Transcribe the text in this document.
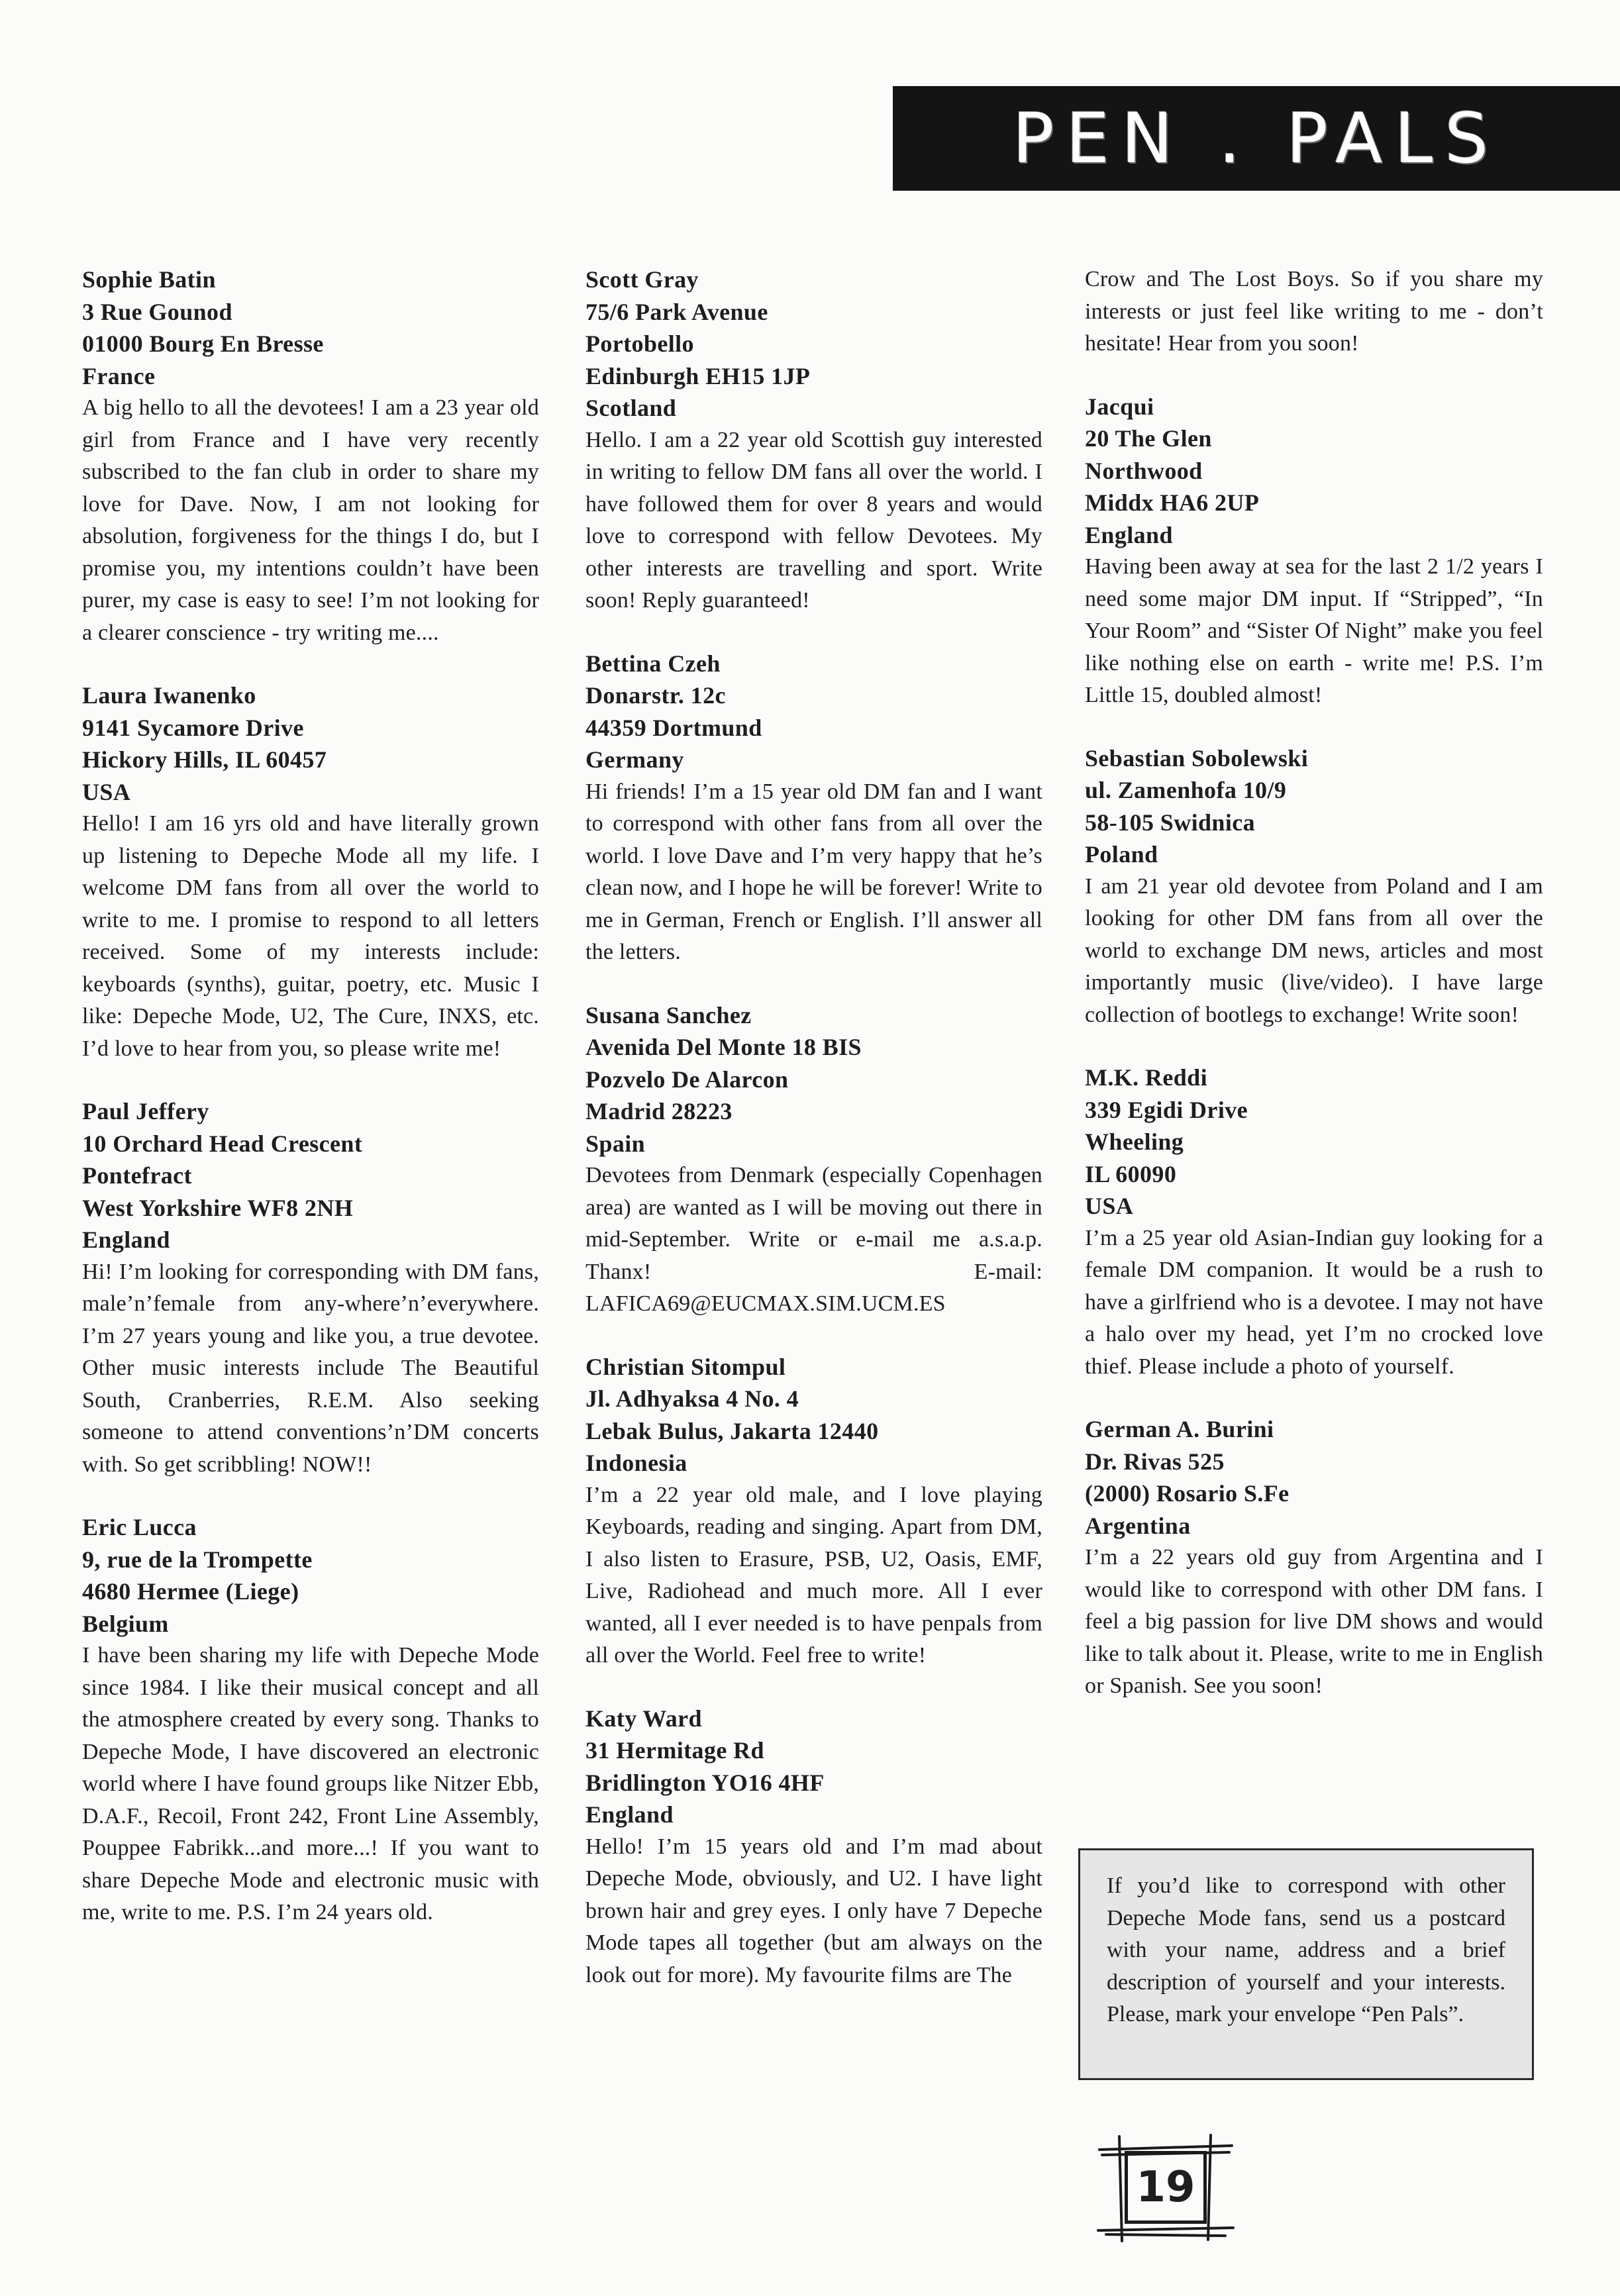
PEN . PALS
Sophie Batin
3 Rue Gounod
01000 Bourg En Bresse
France
A big hello to all the devotees! I am a 23 year old girl from France and I have very recently subscribed to the fan club in order to share my love for Dave. Now, I am not looking for absolution, forgiveness for the things I do, but I promise you, my intentions couldn’t have been purer, my case is easy to see! I’m not looking for a clearer conscience - try writing me....
Laura Iwanenko
9141 Sycamore Drive
Hickory Hills, IL 60457
USA
Hello! I am 16 yrs old and have literally grown up listening to Depeche Mode all my life. I welcome DM fans from all over the world to write to me. I promise to respond to all letters received. Some of my interests include: keyboards (synths), guitar, poetry, etc. Music I like: Depeche Mode, U2, The Cure, INXS, etc. I’d love to hear from you, so please write me!
Paul Jeffery
10 Orchard Head Crescent
Pontefract
West Yorkshire WF8 2NH
England
Hi! I’m looking for corresponding with DM fans, male’n’female from any-where’n’everywhere. I’m 27 years young and like you, a true devotee. Other music interests include The Beautiful South, Cranberries, R.E.M. Also seeking someone to attend conventions’n’DM concerts with. So get scribbling! NOW!!
Eric Lucca
9, rue de la Trompette
4680 Hermee (Liege)
Belgium
I have been sharing my life with Depeche Mode since 1984. I like their musical concept and all the atmosphere created by every song. Thanks to Depeche Mode, I have discovered an electronic world where I have found groups like Nitzer Ebb, D.A.F., Recoil, Front 242, Front Line Assembly, Pouppee Fabrikk...and more...! If you want to share Depeche Mode and electronic music with me, write to me. P.S. I’m 24 years old.
Scott Gray
75/6 Park Avenue
Portobello
Edinburgh EH15 1JP
Scotland
Hello. I am a 22 year old Scottish guy interested in writing to fellow DM fans all over the world. I have followed them for over 8 years and would love to correspond with fellow Devotees. My other interests are travelling and sport. Write soon! Reply guaranteed!
Bettina Czeh
Donarstr. 12c
44359 Dortmund
Germany
Hi friends! I’m a 15 year old DM fan and I want to correspond with other fans from all over the world. I love Dave and I’m very happy that he’s clean now, and I hope he will be forever! Write to me in German, French or English. I’ll answer all the letters.
Susana Sanchez
Avenida Del Monte 18 BIS
Pozvelo De Alarcon
Madrid 28223
Spain
Devotees from Denmark (especially Copenhagen area) are wanted as I will be moving out there in mid-September. Write or e-mail me a.s.a.p. Thanx! E-mail: LAFICA69@EUCMAX.SIM.UCM.ES
Christian Sitompul
Jl. Adhyaksa 4 No. 4
Lebak Bulus, Jakarta 12440
Indonesia
I’m a 22 year old male, and I love playing Keyboards, reading and singing. Apart from DM, I also listen to Erasure, PSB, U2, Oasis, EMF, Live, Radiohead and much more. All I ever wanted, all I ever needed is to have penpals from all over the World. Feel free to write!
Katy Ward
31 Hermitage Rd
Bridlington YO16 4HF
England
Hello! I’m 15 years old and I’m mad about Depeche Mode, obviously, and U2. I have light brown hair and grey eyes. I only have 7 Depeche Mode tapes all together (but am always on the look out for more). My favourite films are The
Crow and The Lost Boys. So if you share my interests or just feel like writing to me - don’t hesitate! Hear from you soon!
Jacqui
20 The Glen
Northwood
Middx HA6 2UP
England
Having been away at sea for the last 2 1/2 years I need some major DM input. If “Stripped”, “In Your Room” and “Sister Of Night” make you feel like nothing else on earth - write me! P.S. I’m Little 15, doubled almost!
Sebastian Sobolewski
ul. Zamenhofa 10/9
58-105 Swidnica
Poland
I am 21 year old devotee from Poland and I am looking for other DM fans from all over the world to exchange DM news, articles and most importantly music (live/video). I have large collection of bootlegs to exchange! Write soon!
M.K. Reddi
339 Egidi Drive
Wheeling
IL 60090
USA
I’m a 25 year old Asian-Indian guy looking for a female DM companion. It would be a rush to have a girlfriend who is a devotee. I may not have a halo over my head, yet I’m no crocked love thief. Please include a photo of yourself.
German A. Burini
Dr. Rivas 525
(2000) Rosario S.Fe
Argentina
I’m a 22 years old guy from Argentina and I would like to correspond with other DM fans. I feel a big passion for live DM shows and would like to talk about it. Please, write to me in English or Spanish. See you soon!
If you’d like to correspond with other Depeche Mode fans, send us a postcard with your name, address and a brief description of yourself and your interests. Please, mark your envelope “Pen Pals”.
19
